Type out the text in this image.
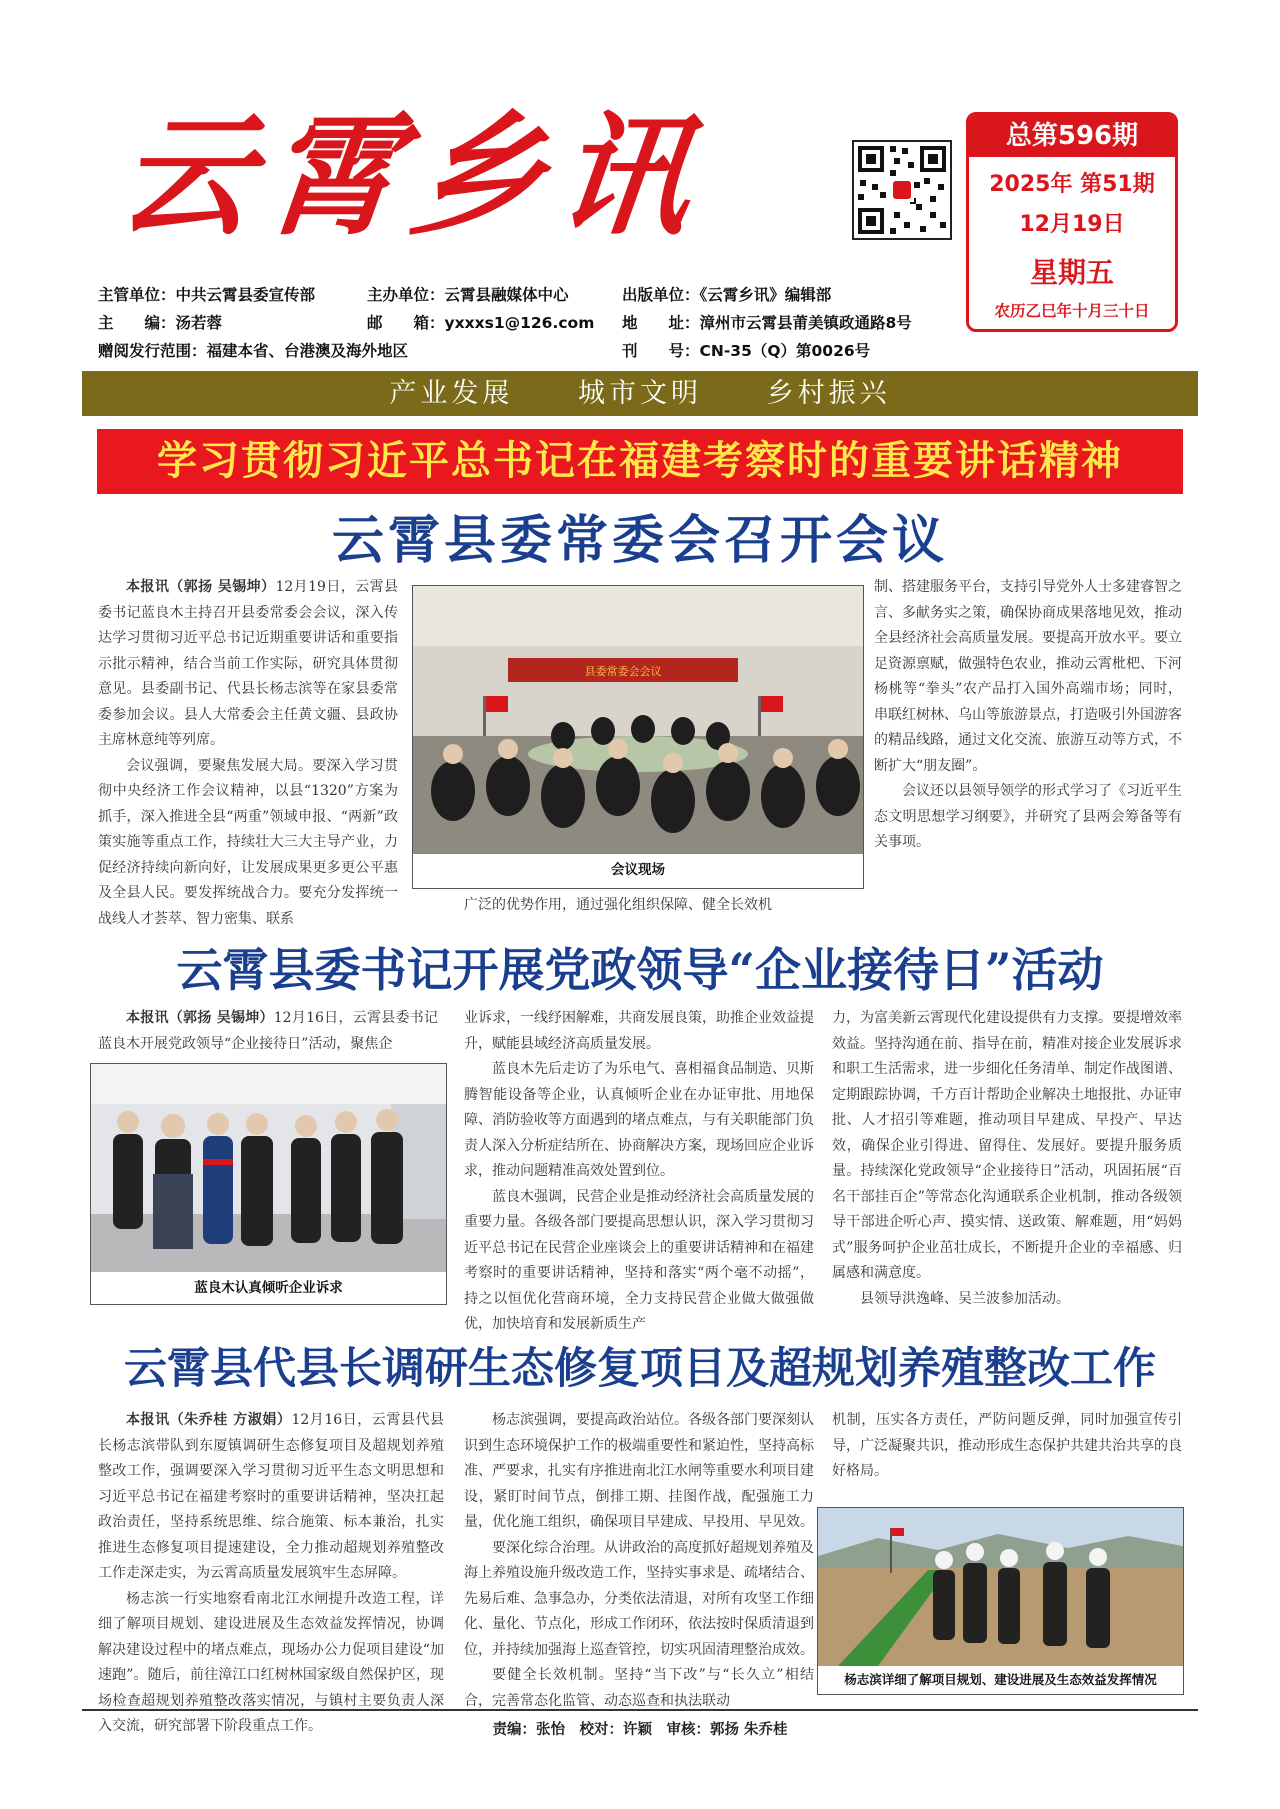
云霄乡讯	总第596期
2025年 第51期
12月19日
星期五
农历乙巳年十月三十日
主管单位：中共云霄县委宣传部	主办单位：云霄县融媒体中心	出版单位：《云霄乡讯》编辑部
主　　编：汤若蓉	邮　　箱：yxxxs1@126.com 地　　址：漳州市云霄县莆美镇政通路8号
赠阅发行范围：福建本省、台港澳及海外地区	刊　　号：CN-35（Q）第0026号
产业发展 城市文明 乡村振兴
学习贯彻习近平总书记在福建考察时的重要讲话精神
云霄县委常委会召开会议

本报讯（郭扬 吴锡坤）12月19日，云霄县委书记蓝良木主持召开县委常委会会议，深入传达学习贯彻习近平总书记近期重要讲话和重要指示批示精神，结合当前工作实际，研究具体贯彻意见。县委副书记、代县长杨志滨等在家县委常委参加会议。县人大常委会主任黄文疆、县政协主席林意纯等列席。

会议强调，要聚焦发展大局。要深入学习贯彻中央经济工作会议精神，以县“1320”方案为抓手，深入推进全县“两重”领域申报、“两新”政策实施等重点工作，持续壮大三大主导产业，力促经济持续向新向好，让发展成果更多更公平惠及全县人民。要发挥统战合力。要充分发挥统一战线人才荟萃、智力密集、联系

县委常委会会议
会议现场
广泛的优势作用，通过强化组织保障、健全长效机

制、搭建服务平台，支持引导党外人士多建睿智之言、多献务实之策，确保协商成果落地见效，推动全县经济社会高质量发展。要提高开放水平。要立足资源禀赋，做强特色农业，推动云霄枇杷、下河杨桃等“拳头”农产品打入国外高端市场；同时，串联红树林、乌山等旅游景点，打造吸引外国游客的精品线路，通过文化交流、旅游互动等方式，不断扩大“朋友圈”。

会议还以县领导领学的形式学习了《习近平生态文明思想学习纲要》，并研究了县两会筹备等有关事项。

云霄县委书记开展党政领导“企业接待日”活动

本报讯（郭扬 吴锡坤）12月16日，云霄县委书记蓝良木开展党政领导“企业接待日”活动，聚焦企

蓝良木认真倾听企业诉求

业诉求，一线纾困解难，共商发展良策，助推企业效益提升，赋能县域经济高质量发展。

蓝良木先后走访了为乐电气、喜相福食品制造、贝斯腾智能设备等企业，认真倾听企业在办证审批、用地保障、消防验收等方面遇到的堵点难点，与有关职能部门负责人深入分析症结所在、协商解决方案，现场回应企业诉求，推动问题精准高效处置到位。

蓝良木强调，民营企业是推动经济社会高质量发展的重要力量。各级各部门要提高思想认识，深入学习贯彻习近平总书记在民营企业座谈会上的重要讲话精神和在福建考察时的重要讲话精神，坚持和落实“两个毫不动摇”，持之以恒优化营商环境，全力支持民营企业做大做强做优，加快培育和发展新质生产

力，为富美新云霄现代化建设提供有力支撑。要提增效率效益。坚持沟通在前、指导在前，精准对接企业发展诉求和职工生活需求，进一步细化任务清单、制定作战图谱、定期跟踪协调，千方百计帮助企业解决土地报批、办证审批、人才招引等难题，推动项目早建成、早投产、早达效，确保企业引得进、留得住、发展好。要提升服务质量。持续深化党政领导“企业接待日”活动，巩固拓展“百名干部挂百企”等常态化沟通联系企业机制，推动各级领导干部进企听心声、摸实情、送政策、解难题，用“妈妈式”服务呵护企业茁壮成长，不断提升企业的幸福感、归属感和满意度。

县领导洪逸峰、吴兰波参加活动。

云霄县代县长调研生态修复项目及超规划养殖整改工作

本报讯（朱乔桂 方淑娟）12月16日，云霄县代县长杨志滨带队到东厦镇调研生态修复项目及超规划养殖整改工作，强调要深入学习贯彻习近平生态文明思想和习近平总书记在福建考察时的重要讲话精神，坚决扛起政治责任，坚持系统思维、综合施策、标本兼治，扎实推进生态修复项目提速建设，全力推动超规划养殖整改工作走深走实，为云霄高质量发展筑牢生态屏障。

杨志滨一行实地察看南北江水闸提升改造工程，详细了解项目规划、建设进展及生态效益发挥情况，协调解决建设过程中的堵点难点，现场办公力促项目建设“加速跑”。随后，前往漳江口红树林国家级自然保护区，现场检查超规划养殖整改落实情况，与镇村主要负责人深入交流，研究部署下阶段重点工作。

杨志滨强调，要提高政治站位。各级各部门要深刻认识到生态环境保护工作的极端重要性和紧迫性，坚持高标准、严要求，扎实有序推进南北江水闸等重要水利项目建设，紧盯时间节点，倒排工期、挂图作战，配强施工力量，优化施工组织，确保项目早建成、早投用、早见效。

要深化综合治理。从讲政治的高度抓好超规划养殖及海上养殖设施升级改造工作，坚持实事求是、疏堵结合、先易后难、急事急办，分类依法清退，对所有攻坚工作细化、量化、节点化，形成工作闭环，依法按时保质清退到位，并持续加强海上巡查管控，切实巩固清理整治成效。

要健全长效机制。坚持“当下改”与“长久立”相结合，完善常态化监管、动态巡查和执法联动

机制，压实各方责任，严防问题反弹，同时加强宣传引导，广泛凝聚共识，推动形成生态保护共建共治共享的良好格局。

杨志滨详细了解项目规划、建设进展及生态效益发挥情况
责编：张怡　校对：许颖　审核：郭扬 朱乔桂
